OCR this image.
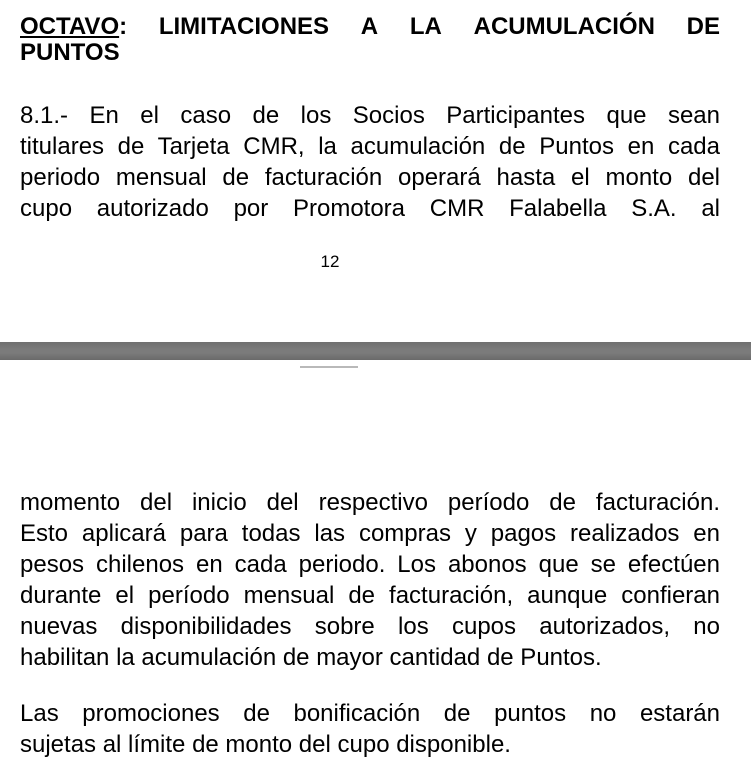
OCTAVO: LIMITACIONES A LA ACUMULACIÓN DE
PUNTOS
8.1.- En el caso de los Socios Participantes que sean
titulares de Tarjeta CMR, la acumulación de Puntos en cada
periodo mensual de facturación operará hasta el monto del
cupo autorizado por Promotora CMR Falabella S.A. al
12
momento del inicio del respectivo período de facturación.
Esto aplicará para todas las compras y pagos realizados en
pesos chilenos en cada periodo. Los abonos que se efectúen
durante el período mensual de facturación, aunque confieran
nuevas disponibilidades sobre los cupos autorizados, no
habilitan la acumulación de mayor cantidad de Puntos.
Las promociones de bonificación de puntos no estarán
sujetas al límite de monto del cupo disponible.
